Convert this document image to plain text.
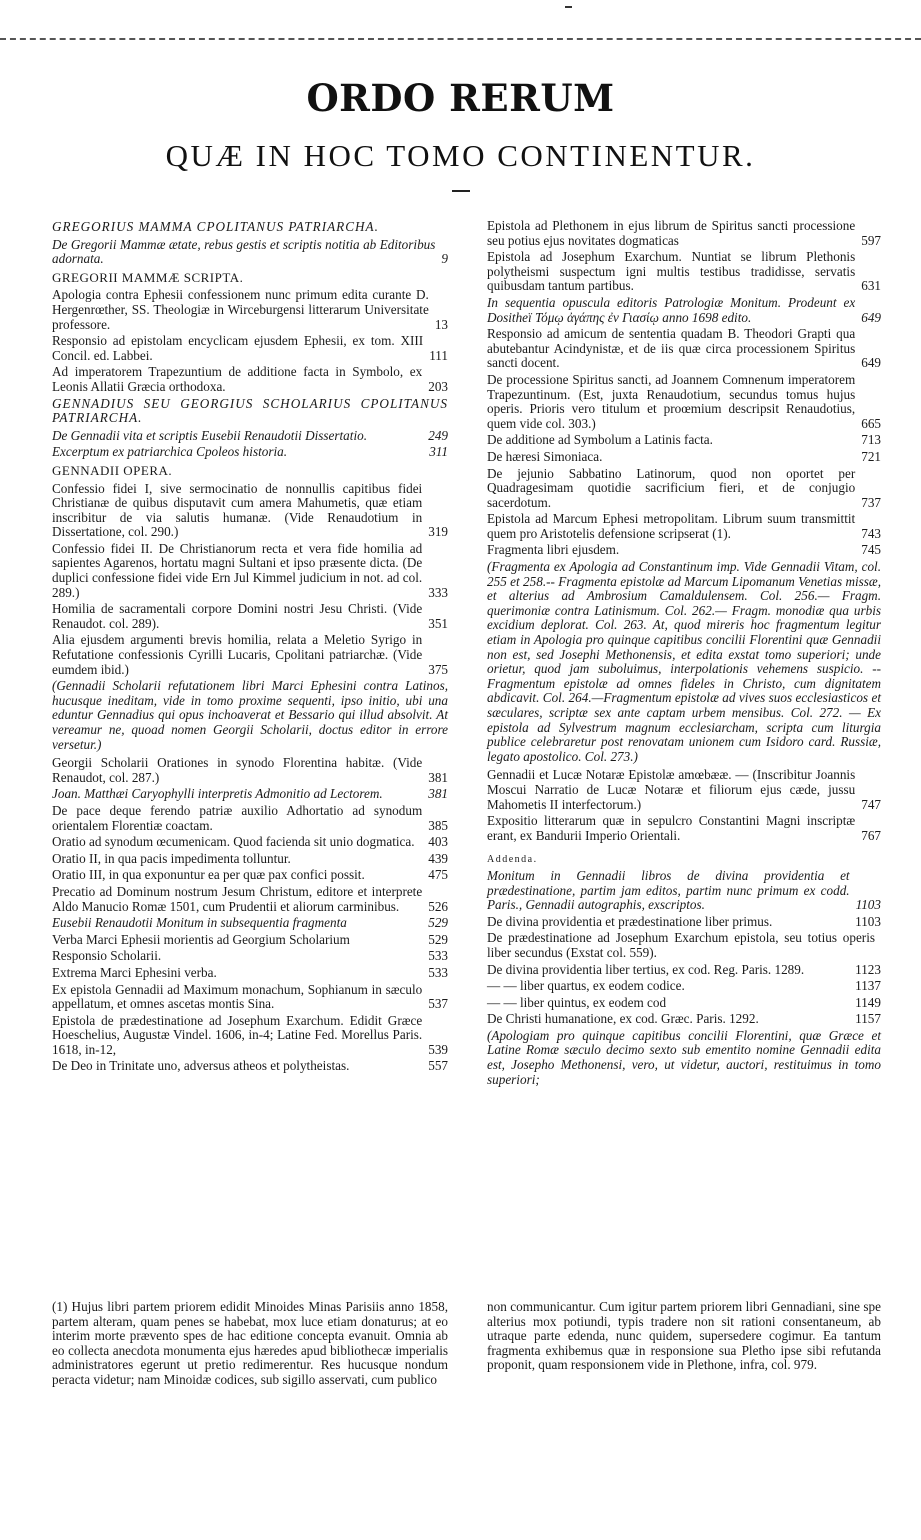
ORDO RERUM
QUÆ IN HOC TOMO CONTINENTUR.
GREGORIUS MAMMA CPOLITANUS PATRIARCHA.
De Gregorii Mammæ ætate, rebus gestis et scriptis notitia ab Editoribus adornata.	9
GREGORII MAMMÆ SCRIPTA.
Apologia contra Ephesii confessionem nunc primum edita curante D. Hergenrœther, SS. Theologiæ in Wirceburgensi litterarum Universitate professore.	13
Responsio ad epistolam encyclicam ejusdem Ephesii, ex tom. XIII Concil. ed. Labbei.	111
Ad imperatorem Trapezuntium de additione facta in Symbolo, ex Leonis Allatii Græcia orthodoxa.	203
GENNADIUS SEU GEORGIUS SCHOLARIUS CPOLITANUS PATRIARCHA.
De Gennadii vita et scriptis Eusebii Renaudotii Dissertatio.	249
Excerptum ex patriarchica Cpoleos historia.	311
GENNADII OPERA.
Confessio fidei I, sive sermocinatio de nonnullis capitibus fidei Christianæ de quibus disputavit cum amera Mahumetis, quæ etiam inscribitur de via salutis humanæ. (Vide Renaudotium in Dissertatione, col. 290.)	319
Confessio fidei II. De Christianorum recta et vera fide homilia ad sapientes Agarenos, hortatu magni Sultani et ipso præsente dicta. (De duplici confessione fidei vide Ern Jul Kimmel judicium in not. ad col. 289.)	333
Homilia de sacramentali corpore Domini nostri Jesu Christi. (Vide Renaudot. col. 289).	351
Alia ejusdem argumenti brevis homilia, relata a Meletio Syrigo in Refutatione confessionis Cyrilli Lucaris, Cpolitani patriarchæ. (Vide eumdem ibid.)	375
(Gennadii Scholarii refutationem libri Marci Ephesini contra Latinos, hucusque ineditam, vide in tomo proxime sequenti, ipso initio, ubi una eduntur Gennadius qui opus inchoaverat et Bessario qui illud absolvit. At vereamur ne, quoad nomen Georgii Scholarii, doctus editor in errore versetur.)
Georgii Scholarii Orationes in synodo Florentina habitæ. (Vide Renaudot, col. 287.)	381
Joan. Matthæi Caryophylli interpretis Admonitio ad Lectorem.	381
De pace deque ferendo patriæ auxilio Adhortatio ad synodum orientalem Florentiæ coactam.	385
Oratio ad synodum œcumenicam. Quod facienda sit unio dogmatica.	403
Oratio II, in qua pacis impedimenta tolluntur.	439
Oratio III, in qua exponuntur ea per quæ pax confici possit.	475
Precatio ad Dominum nostrum Jesum Christum, editore et interprete Aldo Manucio Romæ 1501, cum Prudentii et aliorum carminibus.	526
Eusebii Renaudotii Monitum in subsequentia fragmenta	529
Verba Marci Ephesii morientis ad Georgium Scholarium	529
Responsio Scholarii.	533
Extrema Marci Ephesini verba.	533
Ex epistola Gennadii ad Maximum monachum, Sophianum in sæculo appellatum, et omnes ascetas montis Sina.	537
Epistola de prædestinatione ad Josephum Exarchum. Edidit Græce Hoeschelius, Augustæ Vindel. 1606, in-4; Latine Fed. Morellus Paris. 1618, in-12,	539
De Deo in Trinitate uno, adversus atheos et polytheistas.	557
Epistola ad Plethonem in ejus librum de Spiritus sancti processione seu potius ejus novitates dogmaticas	597
Epistola ad Josephum Exarchum. Nuntiat se librum Plethonis polytheismi suspectum igni multis testibus tradidisse, servatis quibusdam tantum partibus.	631
In sequentia opuscula editoris Patrologiæ Monitum. Prodeunt ex Dositheï Τόμῳ ἀγάπης ἐν Γιασίῳ anno 1698 edito.	649
Responsio ad amicum de sententia quadam B. Theodori Grapti qua abutebantur Acindynistæ, et de iis quæ circa processionem Spiritus sancti docent.	649
De processione Spiritus sancti, ad Joannem Comnenum imperatorem Trapezuntinum. (Est, juxta Renaudotium, secundus tomus hujus operis. Prioris vero titulum et proœmium descripsit Renaudotius, quem vide col. 303.)	665
De additione ad Symbolum a Latinis facta.	713
De hæresi Simoniaca.	721
De jejunio Sabbatino Latinorum, quod non oportet per Quadragesimam quotidie sacrificium fieri, et de conjugio sacerdotum.	737
Epistola ad Marcum Ephesi metropolitam. Librum suum transmittit quem pro Aristotelis defensione scripserat (1).	743
Fragmenta libri ejusdem.	745
(Fragmenta ex Apologia ad Constantinum imp. Vide Gennadii Vitam, col. 255 et 258.-- Fragmenta epistolæ ad Marcum Lipomanum Venetias missæ, et alterius ad Ambrosium Camaldulensem. Col. 256.— Fragm. querimoniæ contra Latinismum. Col. 262.— Fragm. monodiæ qua urbis excidium deplorat. Col. 263. At, quod mireris hoc fragmentum legitur etiam in Apologia pro quinque capitibus concilii Florentini quæ Gennadii non est, sed Josephi Methonensis, et edita exstat tomo superiori; unde orietur, quod jam suboluimus, interpolationis vehemens suspicio. -- Fragmentum epistolæ ad omnes fideles in Christo, cum dignitatem abdicavit. Col. 264.—Fragmentum epistolæ ad vives suos ecclesiasticos et sæculares, scriptæ sex ante captam urbem mensibus. Col. 272. — Ex epistola ad Sylvestrum magnum ecclesiarcham, scripta cum liturgia publice celebraretur post renovatam unionem cum Isidoro card. Russiæ, legato apostolico. Col. 273.)
Gennadii et Lucæ Notaræ Epistolæ amœbææ. — (Inscribitur Joannis Moscui Narratio de Lucæ Notaræ et filiorum ejus cæde, jussu Mahometis II interfectorum.)	747
Expositio litterarum quæ in sepulcro Constantini Magni inscriptæ erant, ex Bandurii Imperio Orientali.	767
Addenda.
Monitum in Gennadii libros de divina providentia et prædestinatione, partim jam editos, partim nunc primum ex codd. Paris., Gennadii autographis, exscriptos.	1103
De divina providentia et prædestinatione liber primus.	1103
De prædestinatione ad Josephum Exarchum epistola, seu totius operis liber secundus (Exstat col. 559).
De divina providentia liber tertius, ex cod. Reg. Paris. 1289.	1123
— — liber quartus, ex eodem codice.	1137
— — liber quintus, ex eodem cod	1149
De Christi humanatione, ex cod. Græc. Paris. 1292.	1157
(Apologiam pro quinque capitibus concilii Florentini, quæ Græce et Latine Romæ sæculo decimo sexto sub ementito nomine Gennadii edita est, Josepho Methonensi, vero, ut videtur, auctori, restituimus in tomo superiori;
(1) Hujus libri partem priorem edidit Minoides Minas Parisiis anno 1858, partem alteram, quam penes se habebat, mox luce etiam donaturus; at eo interim morte prævento spes de hac editione concepta evanuit. Omnia ab eo collecta anecdota monumenta ejus hæredes apud bibliothecæ imperialis administratores egerunt ut pretio redimerentur. Res hucusque nondum peracta videtur; nam Minoidæ codices, sub sigillo asservati, cum publico
non communicantur. Cum igitur partem priorem libri Gennadiani, sine spe alterius mox potiundi, typis tradere non sit rationi consentaneum, ab utraque parte edenda, nunc quidem, supersedere cogimur. Ea tantum fragmenta exhibemus quæ in responsione sua Pletho ipse sibi refutanda proponit, quam responsionem vide in Plethone, infra, col. 979.
